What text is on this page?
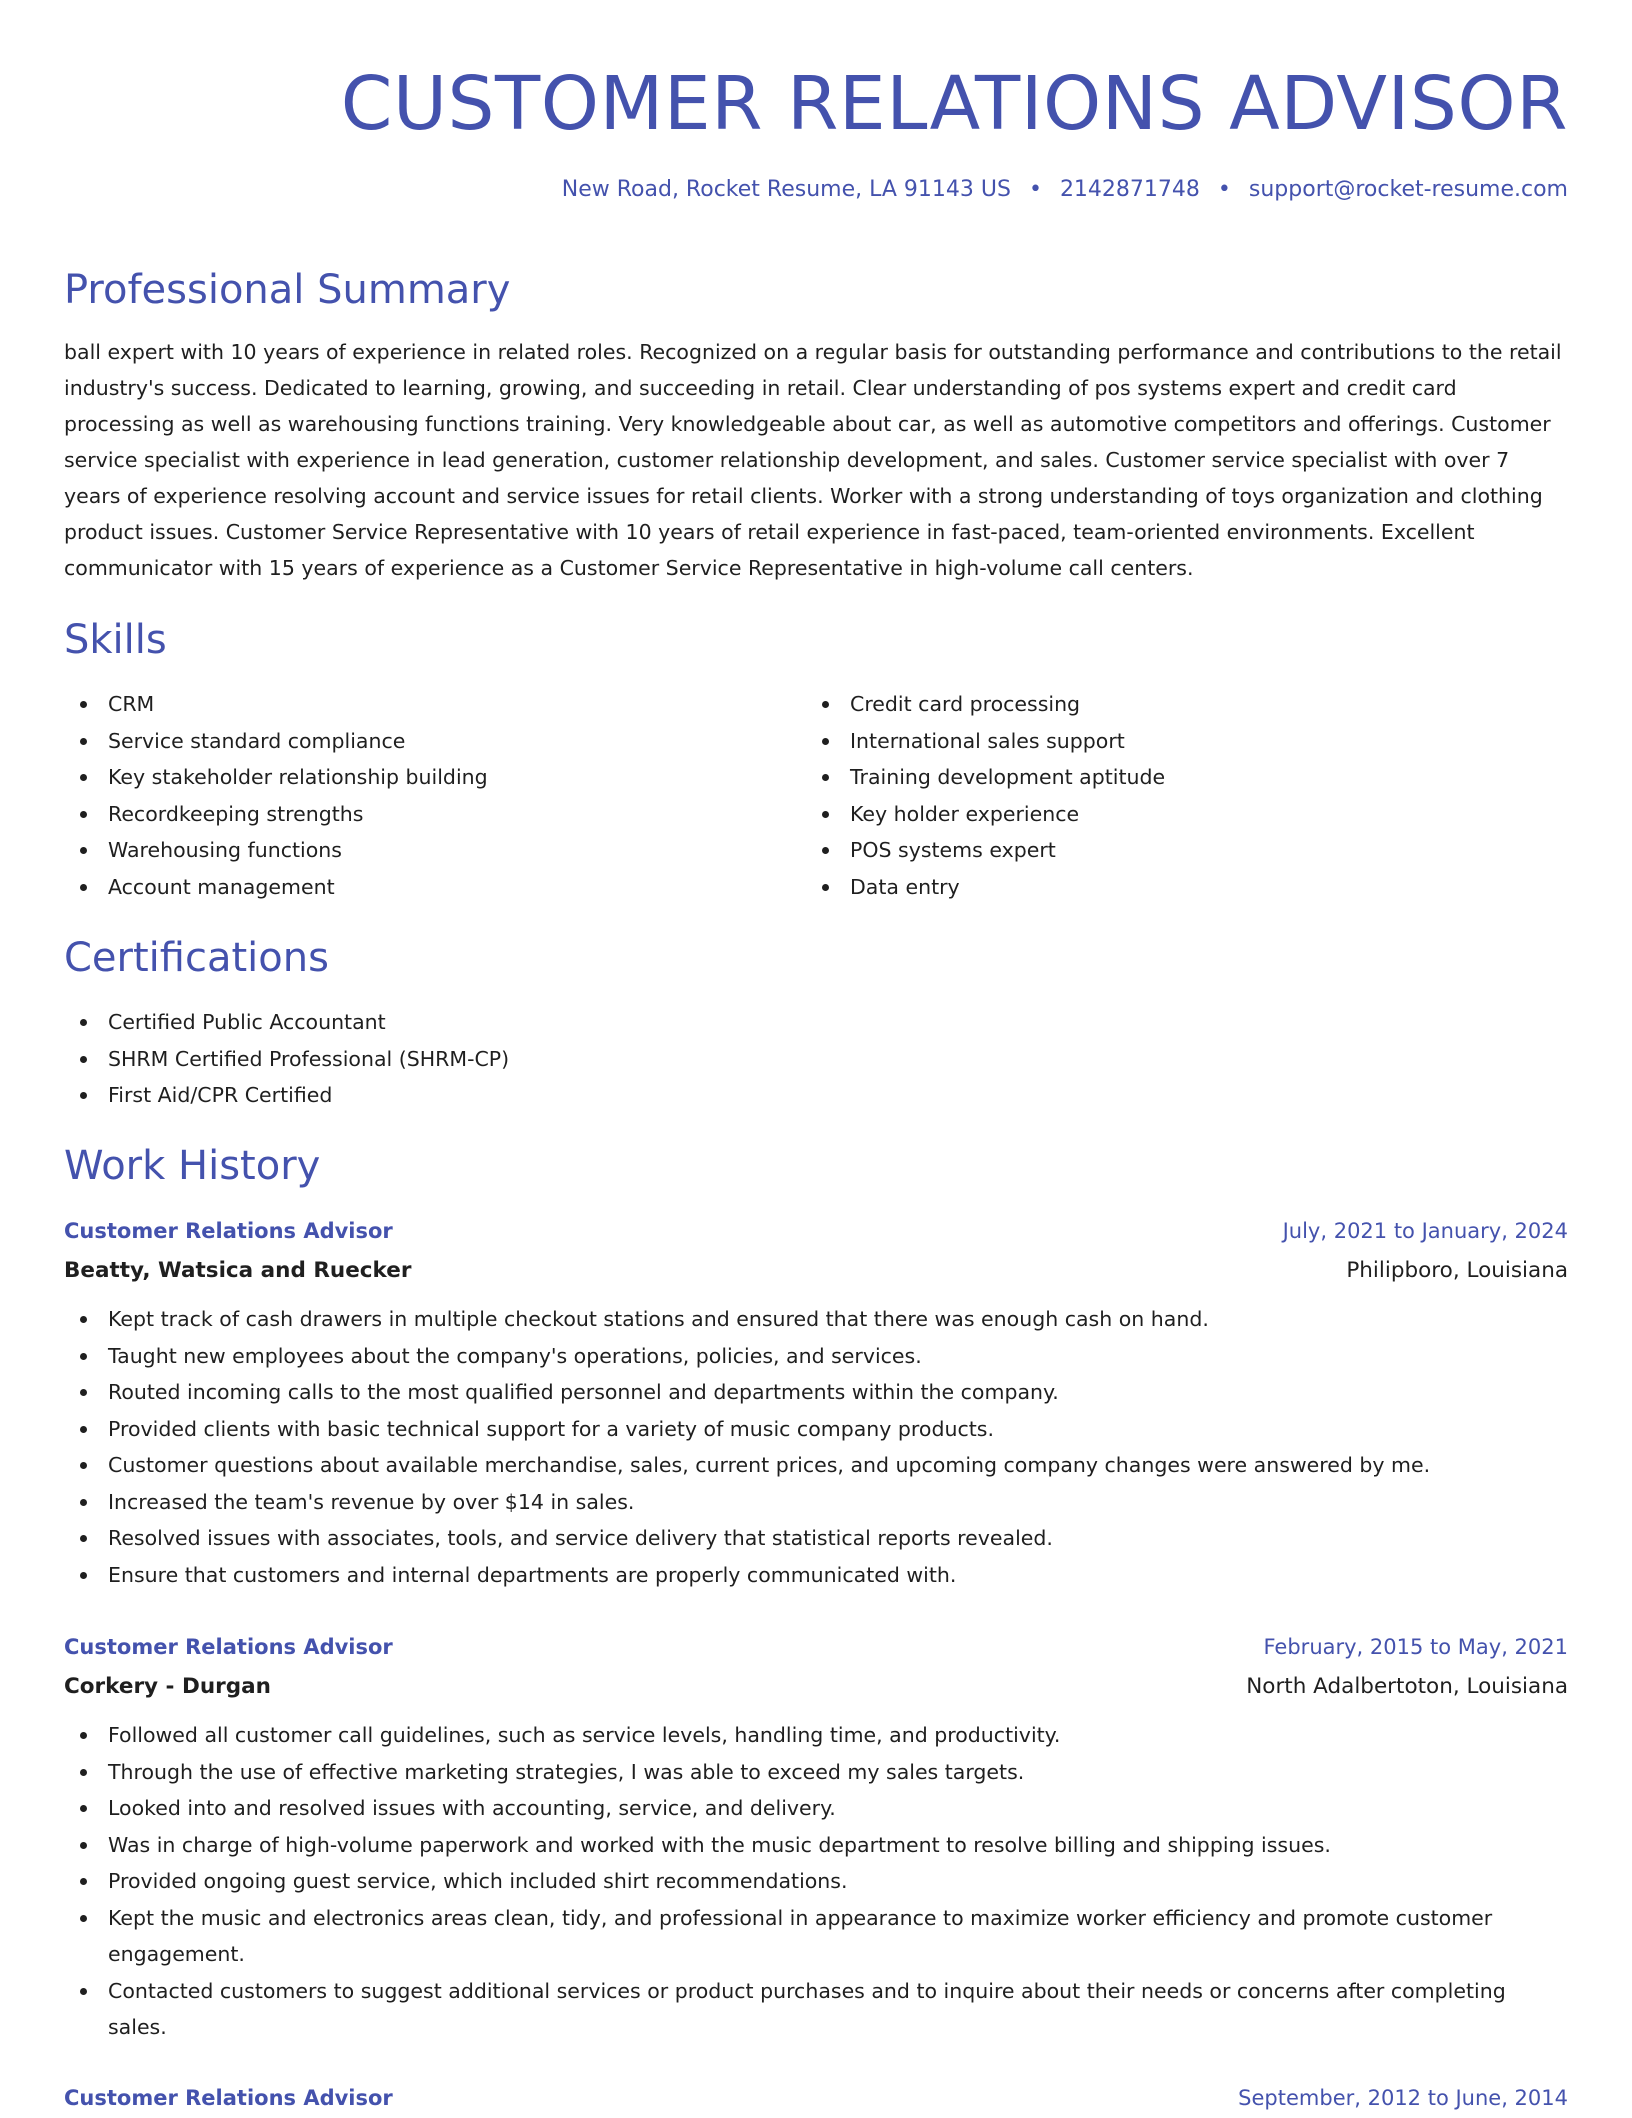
CUSTOMER RELATIONS ADVISOR
New Road, Rocket Resume, LA 91143 US • 2142871748 • support@rocket-resume.com
Professional Summary

ball expert with 10 years of experience in related roles. Recognized on a regular basis for outstanding performance and contributions to the retail industry's success. Dedicated to learning, growing, and succeeding in retail. Clear understanding of pos systems expert and credit card processing as well as warehousing functions training. Very knowledgeable about car, as well as automotive competitors and offerings. Customer service specialist with experience in lead generation, customer relationship development, and sales. Customer service specialist with over 7 years of experience resolving account and service issues for retail clients. Worker with a strong understanding of toys organization and clothing product issues. Customer Service Representative with 10 years of retail experience in fast-paced, team-oriented environments. Excellent communicator with 15 years of experience as a Customer Service Representative in high-volume call centers.

Skills
CRM
Service standard compliance
Key stakeholder relationship building
Recordkeeping strengths
Warehousing functions
Account management
Credit card processing
International sales support
Training development aptitude
Key holder experience
POS systems expert
Data entry
Certifications
Certified Public Accountant
SHRM Certified Professional (SHRM-CP)
First Aid/CPR Certified
Work History
Customer Relations Advisor	July, 2021 to January, 2024
Beatty, Watsica and Ruecker	Philipboro, Louisiana
Kept track of cash drawers in multiple checkout stations and ensured that there was enough cash on hand.
Taught new employees about the company's operations, policies, and services.
Routed incoming calls to the most qualified personnel and departments within the company.
Provided clients with basic technical support for a variety of music company products.
Customer questions about available merchandise, sales, current prices, and upcoming company changes were answered by me.
Increased the team's revenue by over $14 in sales.
Resolved issues with associates, tools, and service delivery that statistical reports revealed.
Ensure that customers and internal departments are properly communicated with.
Customer Relations Advisor	February, 2015 to May, 2021
Corkery - Durgan	North Adalbertoton, Louisiana
Followed all customer call guidelines, such as service levels, handling time, and productivity.
Through the use of effective marketing strategies, I was able to exceed my sales targets.
Looked into and resolved issues with accounting, service, and delivery.
Was in charge of high-volume paperwork and worked with the music department to resolve billing and shipping issues.
Provided ongoing guest service, which included shirt recommendations.
Kept the music and electronics areas clean, tidy, and professional in appearance to maximize worker efficiency and promote customer engagement.
Contacted customers to suggest additional services or product purchases and to inquire about their needs or concerns after completing sales.
Customer Relations Advisor	September, 2012 to June, 2014
